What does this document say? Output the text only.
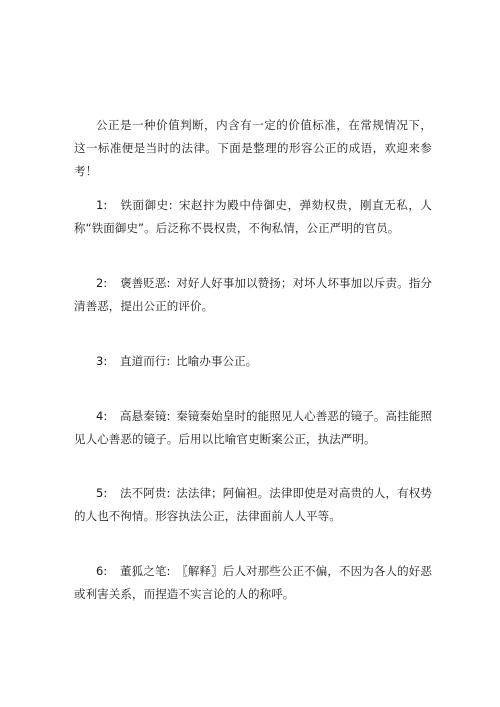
公正是一种价值判断，内含有一定的价值标准，在常规情况下，这一标准便是当时的法律。下面是整理的形容公正的成语，欢迎来参考！

1: 铁面御史: 宋赵抃为殿中侍御史，弹劾权贵，刚直无私，人称“铁面御史”。后泛称不畏权贵，不徇私情，公正严明的官员。

2: 褒善贬恶: 对好人好事加以赞扬；对坏人坏事加以斥责。指分清善恶，提出公正的评价。

3: 直道而行: 比喻办事公正。

4: 高悬秦镜: 秦镜秦始皇时的能照见人心善恶的镜子。高挂能照见人心善恶的镜子。后用以比喻官吏断案公正，执法严明。

5: 法不阿贵: 法法律；阿偏袒。法律即使是对高贵的人，有权势的人也不徇情。形容执法公正，法律面前人人平等。

6: 董狐之笔: 〖解释〗后人对那些公正不偏，不因为各人的好恶或利害关系，而捏造不实言论的人的称呼。
